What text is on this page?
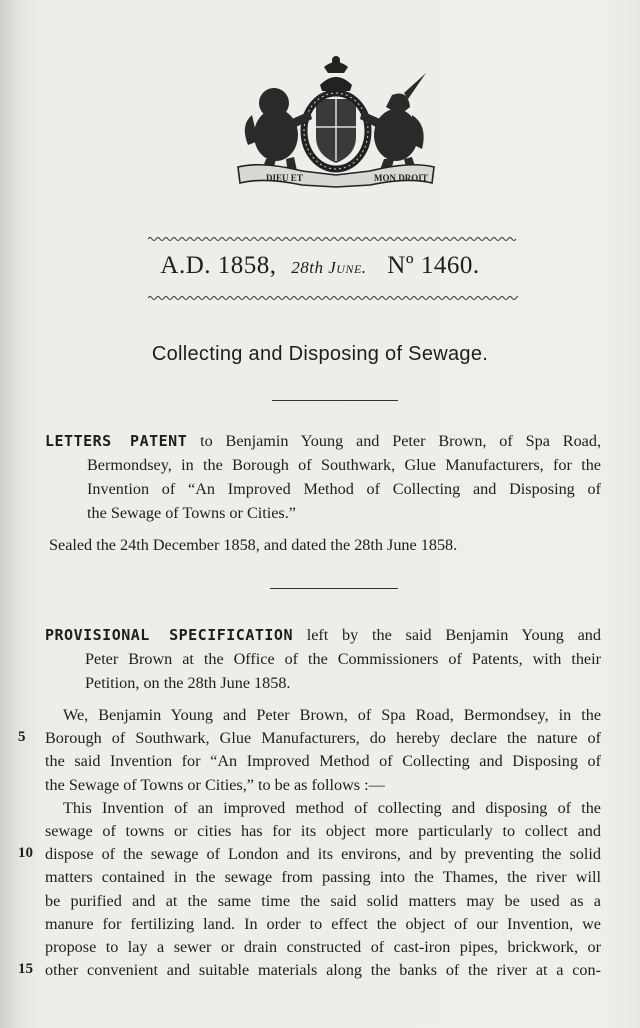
DIEU ET	MON DROIT
A.D. 1858, 28th June. Nº 1460.
Collecting and Disposing of Sewage.
LETTERS PATENT to Benjamin Young and Peter Brown, of Spa Road,
Bermondsey, in the Borough of Southwark, Glue Manufacturers, for the
Invention of “An Improved Method of Collecting and Disposing of
the Sewage of Towns or Cities.”
Sealed the 24th December 1858, and dated the 28th June 1858.
PROVISIONAL SPECIFICATION left by the said Benjamin Young and
Peter Brown at the Office of the Commissioners of Patents, with their
Petition, on the 28th June 1858.
We, Benjamin Young and Peter Brown, of Spa Road, Bermondsey, in the
Borough of Southwark, Glue Manufacturers, do hereby declare the nature of
the said Invention for “An Improved Method of Collecting and Disposing of
the Sewage of Towns or Cities,” to be as follows :—
This Invention of an improved method of collecting and disposing of the
sewage of towns or cities has for its object more particularly to collect and
dispose of the sewage of London and its environs, and by preventing the solid
matters contained in the sewage from passing into the Thames, the river will
be purified and at the same time the said solid matters may be used as a
manure for fertilizing land. In order to effect the object of our Invention, we
propose to lay a sewer or drain constructed of cast-iron pipes, brickwork, or
other convenient and suitable materials along the banks of the river at a con-
5
10
15
